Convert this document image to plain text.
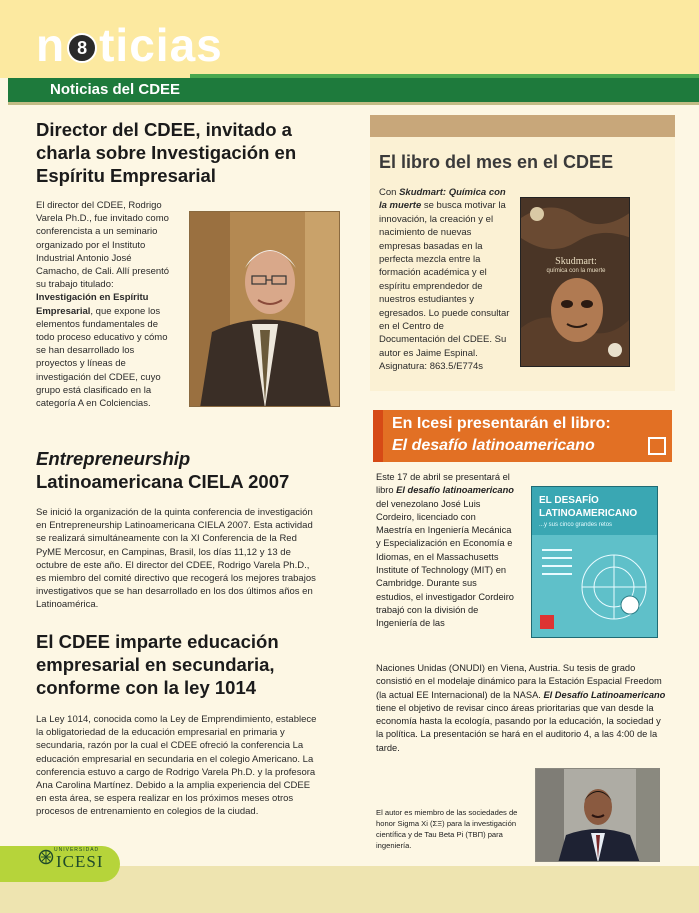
n 8 ticias
Noticias del CDEE
Director del CDEE, invitado a
charla sobre Investigación en
Espíritu Empresarial
El director del CDEE, Rodrigo Varela Ph.D., fue invitado como conferencista a un seminario organizado por el Instituto Industrial Antonio José Camacho, de Cali. Allí presentó su trabajo titulado: Investigación en Espíritu Empresarial, que expone los elementos fundamentales de todo proceso educativo y cómo se han desarrollado los proyectos y líneas de investigación del CDEE, cuyo grupo está clasificado en la categoría A en Colciencias.
Entrepreneurship
Latinoamericana CIELA 2007
Se inició la organización de la quinta conferencia de investigación en Entrepreneurship Latinoamericana CIELA 2007. Esta actividad se realizará simultáneamente con la XI Conferencia de la Red PyME Mercosur, en Campinas, Brasil, los días 11,12 y 13 de octubre de este año. El director del CDEE, Rodrigo Varela Ph.D., es miembro del comité directivo que recogerá los mejores trabajos investigativos que se han desarrollado en los dos últimos años en Latinoamérica.
El CDEE imparte educación
empresarial en secundaria,
conforme con la ley 1014
La Ley 1014, conocida como la Ley de Emprendimiento, establece la obligatoriedad de la educación empresarial en primaria y secundaria, razón por la cual el CDEE ofreció la conferencia La educación empresarial en secundaria en el colegio Americano. La conferencia estuvo a cargo de Rodrigo Varela Ph.D. y la profesora Ana Carolina Martínez. Debido a la amplia experiencia del CDEE en esta área, se espera realizar en los próximos meses otros procesos de entrenamiento en colegios de la ciudad.
El libro del mes en el CDEE
Con Skudmart: Química con la muerte se busca motivar la innovación, la creación y el nacimiento de nuevas empresas basadas en la perfecta mezcla entre la formación académica y el espíritu emprendedor de nuestros estudiantes y egresados. Lo puede consultar en el Centro de Documentación del CDEE. Su autor es Jaime Espinal. Asignatura: 863.5/E774s
Skudmart:
química con la muerte
En Icesi presentarán el libro:
El desafío latinoamericano
Este 17 de abril se presentará el libro El desafío latinoamericano del venezolano José Luis Cordeiro, licenciado con Maestría en Ingeniería Mecánica y Especialización en Economía e Idiomas, en el Massachusetts Institute of Technology (MIT) en Cambridge. Durante sus estudios, el investigador Cordeiro trabajó con la división de Ingeniería de las
EL DESAFÍO
LATINOAMERICANO
...y sus cinco grandes retos
Naciones Unidas (ONUDI) en Viena, Austria. Su tesis de grado consistió en el modelaje dinámico para la Estación Espacial Freedom (la actual EE Internacional) de la NASA. El Desafío Latinoamericano tiene el objetivo de revisar cinco áreas prioritarias que van desde la economía hasta la ecología, pasando por la educación, la sociedad y la política. La presentación se hará en el auditorio 4, a las 4:00 de la tarde.
El autor es miembro de las sociedades de honor Sigma Xi (ΣΞ) para la investigación científica y de Tau Beta Pi (ΤΒΠ) para ingeniería.
UNIVERSIDAD
ICESI
